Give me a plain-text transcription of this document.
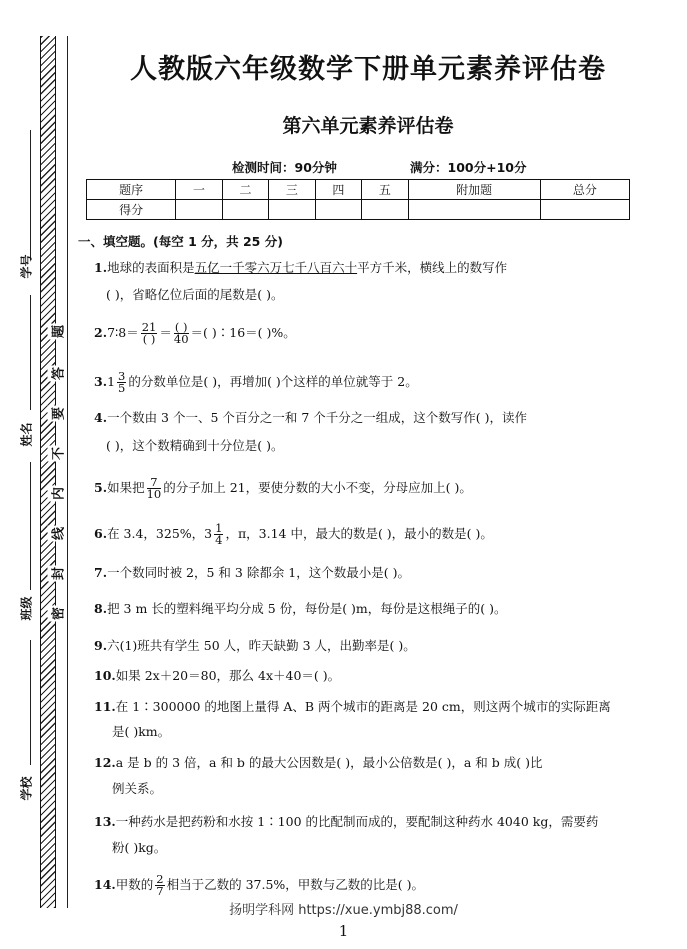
学号
姓名
班级
学校
题
答
要
不
内
线
封
密
人教版六年级数学下册单元素养评估卷
第六单元素养评估卷
检测时间：90分钟	满分：100分+10分
题序	一	二	三	四	五	附加题	总分
得分							
一、填空题。(每空 1 分，共 25 分)
1.地球的表面积是五亿一千零六万七千八百六十平方千米，横线上的数写作
( )，省略亿位后面的尾数是( )。
2.7∶8＝ $\frac{21}{( )} = \frac{( )}{40}$ ＝( )∶16＝( )%。
$3.1 \frac{3}{5}$ 的分数单位是( )，再增加( )个这样的单位就等于 2。
4.一个数由 3 个一、5 个百分之一和 7 个千分之一组成，这个数写作( )，读作
( )，这个数精确到十分位是( )。
5.如果把 $\frac{7}{10}$ 的分子加上 21，要使分数的大小不变，分母应加上( )。
6.在 3.4，325%，$3 \frac{1}{4}$ ，π，3.14 中，最大的数是( )，最小的数是( )。
7.一个数同时被 2，5 和 3 除都余 1，这个数最小是( )。
8.把 3 m 长的塑料绳平均分成 5 份，每份是( )m，每份是这根绳子的( )。
9.六(1)班共有学生 50 人，昨天缺勤 3 人，出勤率是( )。
10.如果 2x＋20＝80，那么 4x＋40＝( )。
11.在 1∶300000 的地图上量得 A、B 两个城市的距离是 20 cm，则这两个城市的实际距离
是( )km。
12.a 是 b 的 3 倍，a 和 b 的最大公因数是( )，最小公倍数是( )，a 和 b 成( )比
例关系。
13.一种药水是把药粉和水按 1∶100 的比配制而成的，要配制这种药水 4040 kg，需要药
粉( )kg。
14.甲数的 $\frac{2}{7}$ 相当于乙数的 37.5%，甲数与乙数的比是( )。
扬明学科网 https://xue.ymbj88.com/
1
